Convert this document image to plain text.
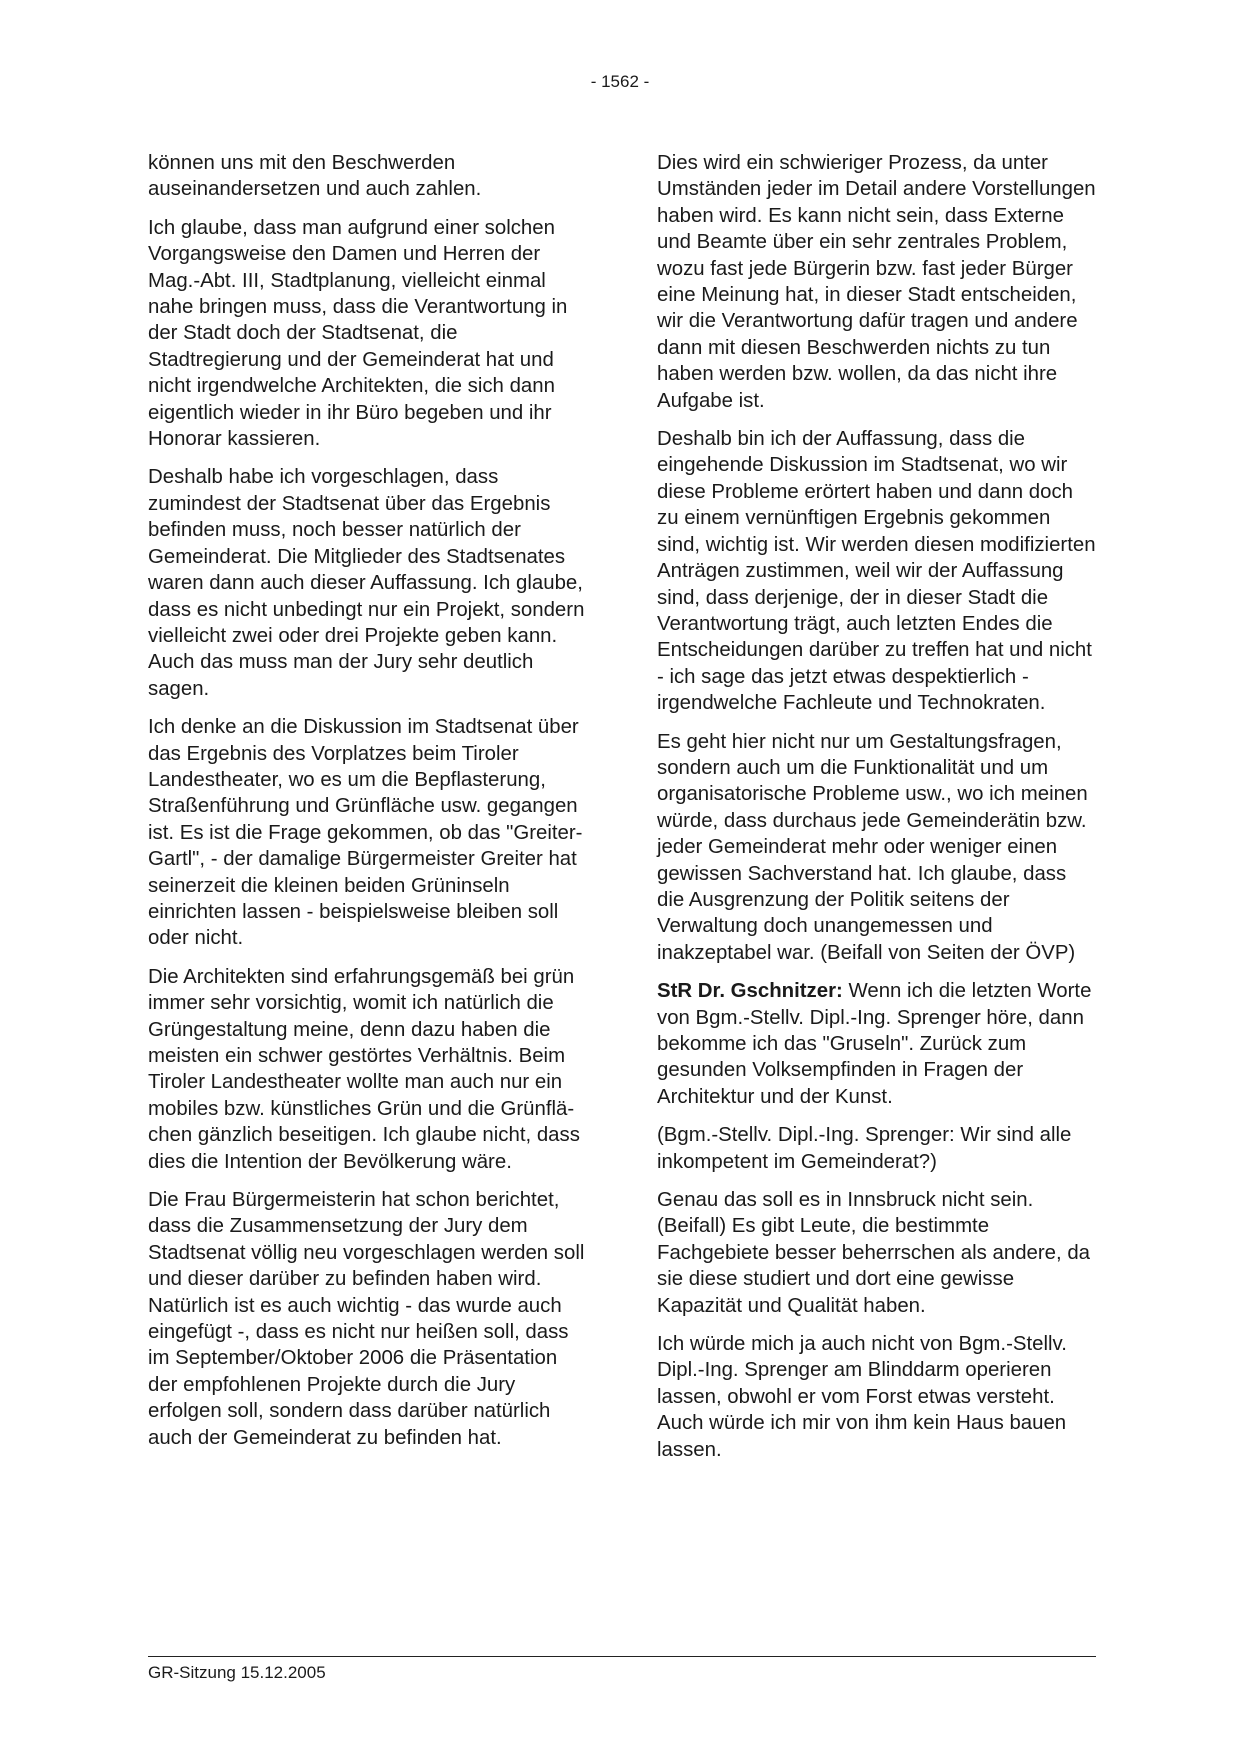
- 1562 -

können uns mit den Beschwerden auseinandersetzen und auch zahlen.

Ich glaube, dass man aufgrund einer solchen Vorgangsweise den Damen und Herren der Mag.-Abt. III, Stadtplanung, vielleicht einmal nahe bringen muss, dass die Verantwortung in der Stadt doch der Stadtsenat, die Stadtregierung und der Gemeinderat hat und nicht irgendwelche Architekten, die sich dann eigentlich wieder in ihr Büro begeben und ihr Honorar kassieren.

Deshalb habe ich vorgeschlagen, dass zumindest der Stadtsenat über das Ergebnis befinden muss, noch besser natürlich der Gemeinderat. Die Mitglieder des Stadtsenates waren dann auch dieser Auffassung. Ich glaube, dass es nicht unbedingt nur ein Projekt, sondern vielleicht zwei oder drei Projekte geben kann. Auch das muss man der Jury sehr deutlich sagen.

Ich denke an die Diskussion im Stadtsenat über das Ergebnis des Vorplatzes beim Tiroler Landestheater, wo es um die Bepflasterung, Straßenführung und Grünfläche usw. gegangen ist. Es ist die Frage gekommen, ob das "Greiter-Gartl", - der damalige Bürgermeister Greiter hat seinerzeit die kleinen beiden Grüninseln einrichten lassen - beispielsweise bleiben soll oder nicht.

Die Architekten sind erfahrungsgemäß bei grün immer sehr vorsichtig, womit ich natürlich die Grüngestaltung meine, denn dazu haben die meisten ein schwer gestörtes Verhältnis. Beim Tiroler Landestheater wollte man auch nur ein mobiles bzw. künstliches Grün und die Grünflächen gänzlich beseitigen. Ich glaube nicht, dass dies die Intention der Bevölkerung wäre.

Die Frau Bürgermeisterin hat schon berichtet, dass die Zusammensetzung der Jury dem Stadtsenat völlig neu vorgeschlagen werden soll und dieser darüber zu befinden haben wird. Natürlich ist es auch wichtig - das wurde auch eingefügt -, dass es nicht nur heißen soll, dass im September/Oktober 2006 die Präsentation der empfohlenen Projekte durch die Jury erfolgen soll, sondern dass darüber natürlich auch der Gemeinderat zu befinden hat.

Dies wird ein schwieriger Prozess, da unter Umständen jeder im Detail andere Vorstellungen haben wird. Es kann nicht sein, dass Externe und Beamte über ein sehr zentrales Problem, wozu fast jede Bürgerin bzw. fast jeder Bürger eine Meinung hat, in dieser Stadt entscheiden, wir die Verantwortung dafür tragen und andere dann mit diesen Beschwerden nichts zu tun haben werden bzw. wollen, da das nicht ihre Aufgabe ist.

Deshalb bin ich der Auffassung, dass die eingehende Diskussion im Stadtsenat, wo wir diese Probleme erörtert haben und dann doch zu einem vernünftigen Ergebnis gekommen sind, wichtig ist. Wir werden diesen modifizierten Anträgen zustimmen, weil wir der Auffassung sind, dass derjenige, der in dieser Stadt die Verantwortung trägt, auch letzten Endes die Entscheidungen darüber zu treffen hat und nicht - ich sage das jetzt etwas despektierlich - irgendwelche Fachleute und Technokraten.

Es geht hier nicht nur um Gestaltungsfragen, sondern auch um die Funktionalität und um organisatorische Probleme usw., wo ich meinen würde, dass durchaus jede Gemeinderätin bzw. jeder Gemeinderat mehr oder weniger einen gewissen Sachverstand hat. Ich glaube, dass die Ausgrenzung der Politik seitens der Verwaltung doch unangemessen und inakzeptabel war. (Beifall von Seiten der ÖVP)

StR Dr. Gschnitzer: Wenn ich die letzten Worte von Bgm.-Stellv. Dipl.-Ing. Sprenger höre, dann bekomme ich das "Gruseln". Zurück zum gesunden Volksempfinden in Fragen der Architektur und der Kunst.

(Bgm.-Stellv. Dipl.-Ing. Sprenger: Wir sind alle inkompetent im Gemeinderat?)

Genau das soll es in Innsbruck nicht sein. (Beifall) Es gibt Leute, die bestimmte Fachgebiete besser beherrschen als andere, da sie diese studiert und dort eine gewisse Kapazität und Qualität haben.

Ich würde mich ja auch nicht von Bgm.-Stellv. Dipl.-Ing. Sprenger am Blinddarm operieren lassen, obwohl er vom Forst etwas versteht. Auch würde ich mir von ihm kein Haus bauen lassen.

GR-Sitzung 15.12.2005
